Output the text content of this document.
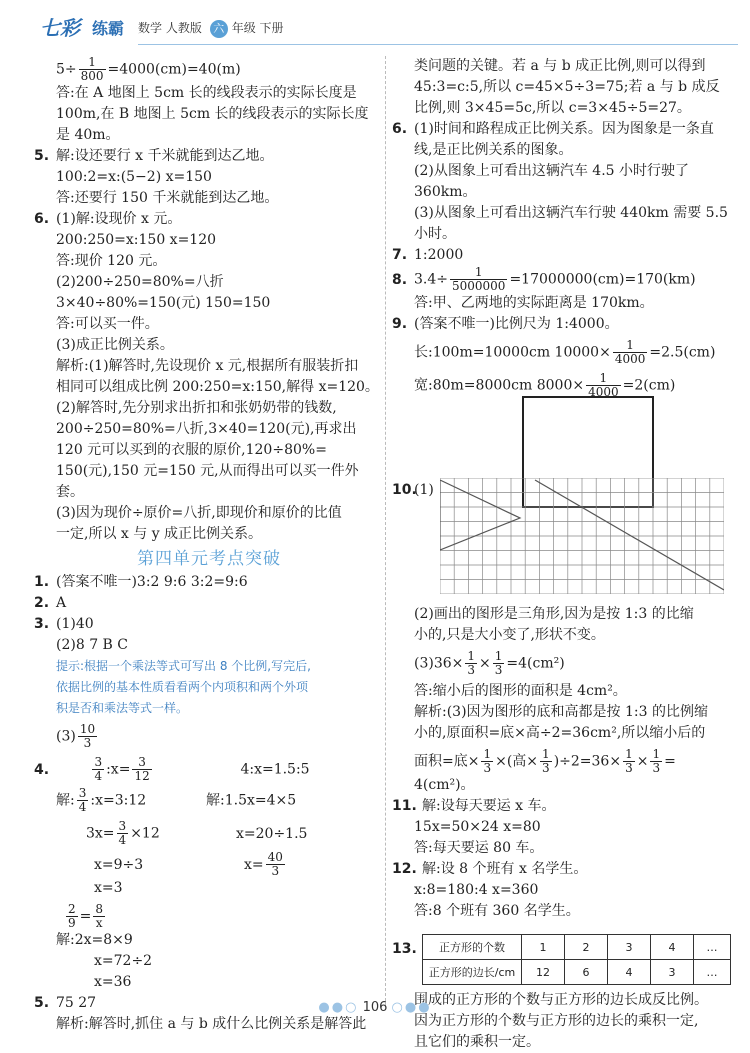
七彩 练霸 数学 人教版 六 年级 下册

$5\div \frac{1}{800} =4000(cm)=40(m)$

答:在 A 地图上 5cm 长的线段表示的实际长度是

100m,在 B 地图上 5cm 长的线段表示的实际长度

是 40m。

5. 解:设还要行 x 千米就能到达乙地。

100:2=x:(5−2) x=150

答:还要行 150 千米就能到达乙地。

6. (1)解:设现价 x 元。

200:250=x:150 x=120

答:现价 120 元。

(2)200÷250=80%=八折

3×40÷80%=150(元) 150=150

答:可以买一件。

(3)成正比例关系。

解析:(1)解答时,先设现价 x 元,根据所有服装折扣

相同可以组成比例 200:250=x:150,解得 x=120。

(2)解答时,先分别求出折扣和张奶奶带的钱数,

200÷250=80%=八折,3×40=120(元),再求出

120 元可以买到的衣服的原价,120÷80%=

150(元),150 元=150 元,从而得出可以买一件外套。

(3)因为现价÷原价=八折,即现价和原价的比值

一定,所以 x 与 y 成正比例关系。

第四单元考点突破

1. (答案不唯一)3:2 9:6 3:2=9:6

2. A

3. (1)40

(2)8 7 B C

提示:根据一个乘法等式可写出 8 个比例,写完后,

依据比例的基本性质看看两个内项积和两个外项

积是否和乘法等式一样。

$(3) \frac{10}{3}$

4.	$\frac{3}{4}$ :x= $\frac{3}{12}$	4:x=1.5:5

解: $\frac{3}{4}$ :x=3:12	解:1.5x=4×5

$3x= \frac{3}{4} \times 12$	x=20÷1.5

x=9÷3	$x= \frac{40}{3}$

x=3

$\frac{2}{9} = \frac{8}{x}$

解:2x=8×9

x=72÷2

x=36

5. 75 27

解析:解答时,抓住 a 与 b 成什么比例关系是解答此

类问题的关键。若 a 与 b 成正比例,则可以得到

45:3=c:5,所以 c=45×5÷3=75;若 a 与 b 成反

比例,则 3×45=5c,所以 c=3×45÷5=27。

6. (1)时间和路程成正比例关系。因为图象是一条直

线,是正比例关系的图象。

(2)从图象上可看出这辆汽车 4.5 小时行驶了

360km。

(3)从图象上可看出这辆汽车行驶 440km 需要 5.5

小时。

7. 1:2000

8. $3.4\div \frac{1}{5000000} =17000000(cm)=170(km)$

答:甲、乙两地的实际距离是 170km。

9. (答案不唯一)比例尺为 1:4000。

长:100m=10000cm $10000\times \frac{1}{4000} =2.5(cm)$

宽:80m=8000cm $8000\times \frac{1}{4000} =2(cm)$

10.(1)

(2)画出的图形是三角形,因为是按 1:3 的比缩

小的,只是大小变了,形状不变。

$(3)36\times \frac{1}{3} \times \frac{1}{3} =4(cm^2)$

答:缩小后的图形的面积是 4cm²。

解析:(3)因为图形的底和高都是按 1:3 的比例缩

小的,原面积=底×高÷2=36cm²,所以缩小后的

面积=底× $\frac{1}{3}$ ×(高× $\frac{1}{3} )\div 2=36\times \frac{1}{3} \times \frac{1}{3}$ =

4(cm²)。

11. 解:设每天要运 x 车。

15x=50×24 x=80

答:每天要运 80 车。

12. 解:设 8 个班有 x 名学生。

x:8=180:4 x=360

答:8 个班有 360 名学生。

13. 正方形的个数	1	2	3	4	…
正方形的边长/cm	12	6	4	3	…

围成的正方形的个数与正方形的边长成反比例。

因为正方形的个数与正方形的边长的乘积一定,

且它们的乘积一定。

●●○ 106 ○●●
